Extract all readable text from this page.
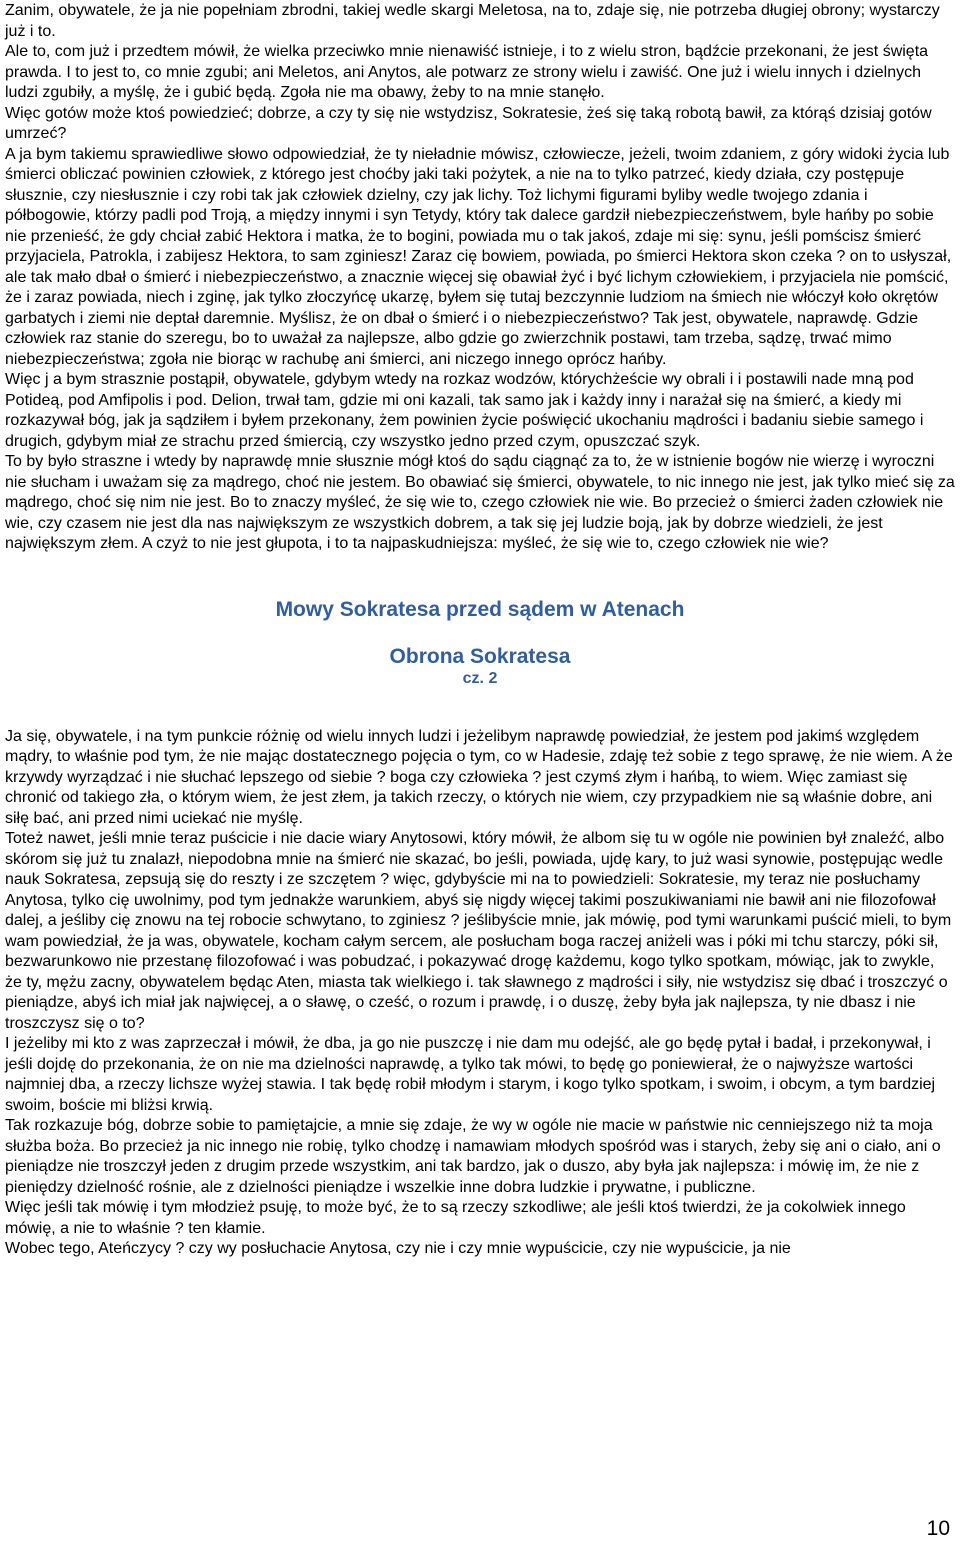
Zanim, obywatele, że ja nie popełniam zbrodni, takiej wedle skargi Meletosa, na to, zdaje się, nie potrzeba długiej obrony; wystarczy już i to.

Ale to, com już i przedtem mówił, że wielka przeciwko mnie nienawiść istnieje, i to z wielu stron, bądźcie przekonani, że jest święta prawda. I to jest to, co mnie zgubi; ani Meletos, ani Anytos, ale potwarz ze strony wielu i zawiść. One już i wielu innych i dzielnych ludzi zgubiły, a myślę, że i gubić będą. Zgoła nie ma obawy, żeby to na mnie stanęło.

Więc gotów może ktoś powiedzieć; dobrze, a czy ty się nie wstydzisz, Sokratesie, żeś się taką robotą bawił, za którąś dzisiaj gotów umrzeć?

A ja bym takiemu sprawiedliwe słowo odpowiedział, że ty nieładnie mówisz, człowiecze, jeżeli, twoim zdaniem, z góry widoki życia lub śmierci obliczać powinien człowiek, z którego jest choćby jaki taki pożytek, a nie na to tylko patrzeć, kiedy działa, czy postępuje słusznie, czy niesłusznie i czy robi tak jak człowiek dzielny, czy jak lichy. Toż lichymi figurami byliby wedle twojego zdania i półbogowie, którzy padli pod Troją, a między innymi i syn Tetydy, który tak dalece gardził niebezpieczeństwem, byle hańby po sobie nie przenieść, że gdy chciał zabić Hektora i matka, że to bogini, powiada mu o tak jakoś, zdaje mi się: synu, jeśli pomścisz śmierć przyjaciela, Patrokla, i zabijesz Hektora, to sam zginiesz! Zaraz cię bowiem, powiada, po śmierci Hektora skon czeka ? on to usłyszał, ale tak mało dbał o śmierć i niebezpieczeństwo, a znacznie więcej się obawiał żyć i być lichym człowiekiem, i przyjaciela nie pomścić, że i zaraz powiada, niech i zginę, jak tylko złoczyńcę ukarzę, byłem się tutaj bezczynnie ludziom na śmiech nie włóczył koło okrętów garbatych i ziemi nie deptał daremnie. Myślisz, że on dbał o śmierć i o niebezpieczeństwo? Tak jest, obywatele, naprawdę. Gdzie człowiek raz stanie do szeregu, bo to uważał za najlepsze, albo gdzie go zwierzchnik postawi, tam trzeba, sądzę, trwać mimo niebezpieczeństwa; zgoła nie biorąc w rachubę ani śmierci, ani niczego innego oprócz hańby.

Więc j a bym strasznie postąpił, obywatele, gdybym wtedy na rozkaz wodzów, którychżeście wy obrali i i postawili nade mną pod Potideą, pod Amfipolis i pod. Delion, trwał tam, gdzie mi oni kazali, tak samo jak i każdy inny i narażał się na śmierć, a kiedy mi rozkazywał bóg, jak ja sądziłem i byłem przekonany, żem powinien życie poświęcić ukochaniu mądrości i badaniu siebie samego i drugich, gdybym miał ze strachu przed śmiercią, czy wszystko jedno przed czym, opuszczać szyk.

To by było straszne i wtedy by naprawdę mnie słusznie mógł ktoś do sądu ciągnąć za to, że w istnienie bogów nie wierzę i wyroczni nie słucham i uważam się za mądrego, choć nie jestem. Bo obawiać się śmierci, obywatele, to nic innego nie jest, jak tylko mieć się za mądrego, choć się nim nie jest. Bo to znaczy myśleć, że się wie to, czego człowiek nie wie. Bo przecież o śmierci żaden człowiek nie wie, czy czasem nie jest dla nas największym ze wszystkich dobrem, a tak się jej ludzie boją, jak by dobrze wiedzieli, że jest największym złem. A czyż to nie jest głupota, i to ta najpaskudniejsza: myśleć, że się wie to, czego człowiek nie wie?

Mowy Sokratesa przed sądem w Atenach
Obrona Sokratesa
cz. 2

Ja się, obywatele, i na tym punkcie różnię od wielu innych ludzi i jeżelibym naprawdę powiedział, że jestem pod jakimś względem mądry, to właśnie pod tym, że nie mając dostatecznego pojęcia o tym, co w Hadesie, zdaję też sobie z tego sprawę, że nie wiem. A że krzywdy wyrządzać i nie słuchać lepszego od siebie ? boga czy człowieka ? jest czymś złym i hańbą, to wiem. Więc zamiast się chronić od takiego zła, o którym wiem, że jest złem, ja takich rzeczy, o których nie wiem, czy przypadkiem nie są właśnie dobre, ani siłę bać, ani przed nimi uciekać nie myślę.

Toteż nawet, jeśli mnie teraz puścicie i nie dacie wiary Anytosowi, który mówił, że albom się tu w ogóle nie powinien był znaleźć, albo skórom się już tu znalazł, niepodobna mnie na śmierć nie skazać, bo jeśli, powiada, ujdę kary, to już wasi synowie, postępując wedle nauk Sokratesa, zepsują się do reszty i ze szczętem ? więc, gdybyście mi na to powiedzieli: Sokratesie, my teraz nie posłuchamy Anytosa, tylko cię uwolnimy, pod tym jednakże warunkiem, abyś się nigdy więcej takimi poszukiwaniami nie bawił ani nie filozofował dalej, a jeśliby cię znowu na tej robocie schwytano, to zginiesz ? jeślibyście mnie, jak mówię, pod tymi warunkami puścić mieli, to bym wam powiedział, że ja was, obywatele, kocham całym sercem, ale posłucham boga raczej aniżeli was i póki mi tchu starczy, póki sił, bezwarunkowo nie przestanę filozofować i was pobudzać, i pokazywać drogę każdemu, kogo tylko spotkam, mówiąc, jak to zwykle, że ty, mężu zacny, obywatelem będąc Aten, miasta tak wielkiego i. tak sławnego z mądrości i siły, nie wstydzisz się dbać i troszczyć o pieniądze, abyś ich miał jak najwięcej, a o sławę, o cześć, o rozum i prawdę, i o duszę, żeby była jak najlepsza, ty nie dbasz i nie troszczysz się o to?

I jeżeliby mi kto z was zaprzeczał i mówił, że dba, ja go nie puszczę i nie dam mu odejść, ale go będę pytał i badał, i przekonywał, i jeśli dojdę do przekonania, że on nie ma dzielności naprawdę, a tylko tak mówi, to będę go poniewierał, że o najwyższe wartości najmniej dba, a rzeczy lichsze wyżej stawia. I tak będę robił młodym i starym, i kogo tylko spotkam, i swoim, i obcym, a tym bardziej swoim, boście mi bliżsi krwią.

Tak rozkazuje bóg, dobrze sobie to pamiętajcie, a mnie się zdaje, że wy w ogóle nie macie w państwie nic cenniejszego niż ta moja służba boża. Bo przecież ja nic innego nie robię, tylko chodzę i namawiam młodych spośród was i starych, żeby się ani o ciało, ani o pieniądze nie troszczył jeden z drugim przede wszystkim, ani tak bardzo, jak o duszo, aby była jak najlepsza: i mówię im, że nie z pieniędzy dzielność rośnie, ale z dzielności pieniądze i wszelkie inne dobra ludzkie i prywatne, i publiczne.

Więc jeśli tak mówię i tym młodzież psuję, to może być, że to są rzeczy szkodliwe; ale jeśli ktoś twierdzi, że ja cokolwiek innego mówię, a nie to właśnie ? ten kłamie.

Wobec tego, Ateńczycy ? czy wy posłuchacie Anytosa, czy nie i czy mnie wypuścicie, czy nie wypuścicie, ja nie

10
